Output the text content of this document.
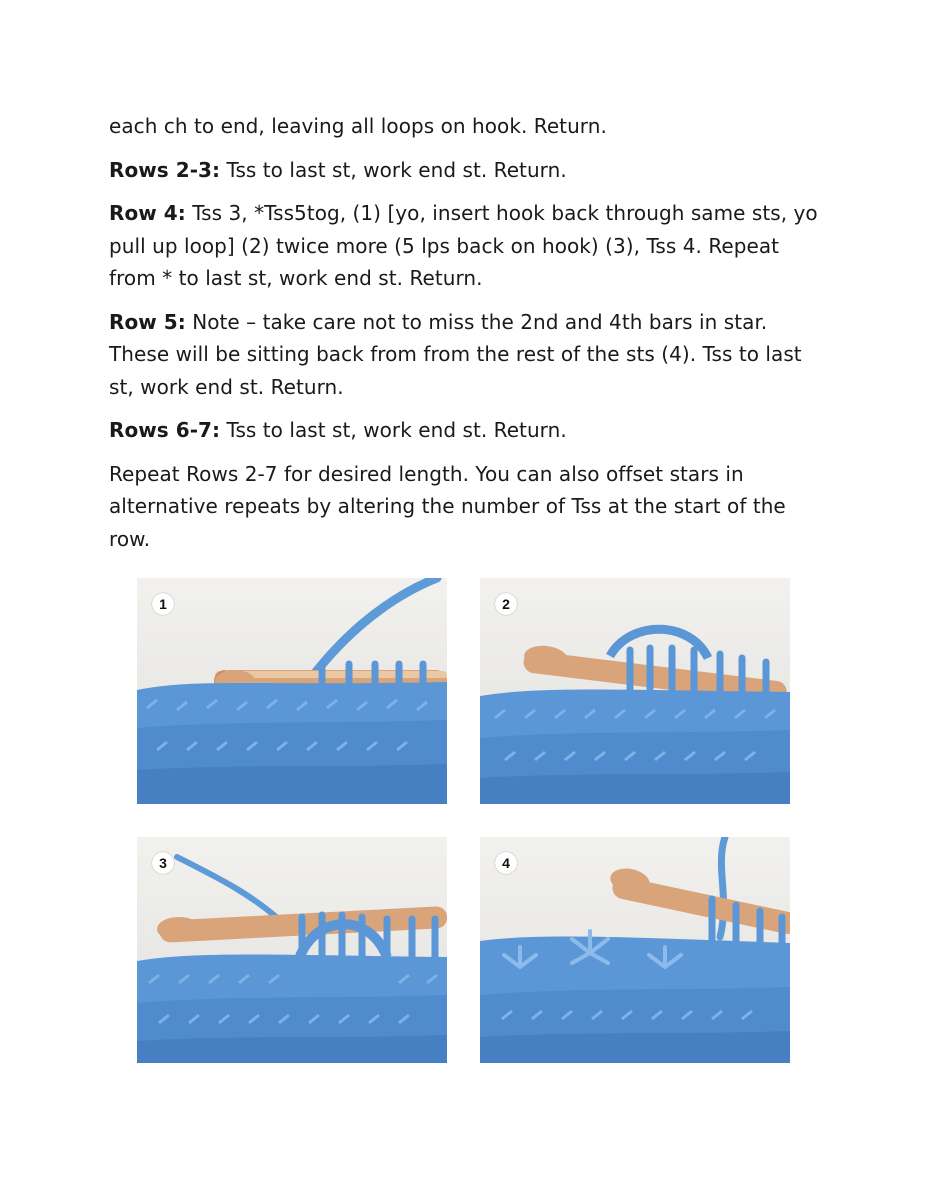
each ch to end, leaving all loops on hook. Return.

Rows 2-3: Tss to last st, work end st. Return.

Row 4: Tss 3, *Tss5tog, (1) [yo, insert hook back through same sts, yo pull up loop] (2) twice more (5 lps back on hook) (3), Tss 4. Repeat from * to last st, work end st. Return.

Row 5: Note – take care not to miss the 2nd and 4th bars in star. These will be sitting back from from the rest of the sts (4). Tss to last st, work end st. Return.

Rows 6-7: Tss to last st, work end st. Return.

Repeat Rows 2-7 for desired length. You can also offset stars in alternative repeats by altering the number of Tss at the start of the row.

1	2
3	4
